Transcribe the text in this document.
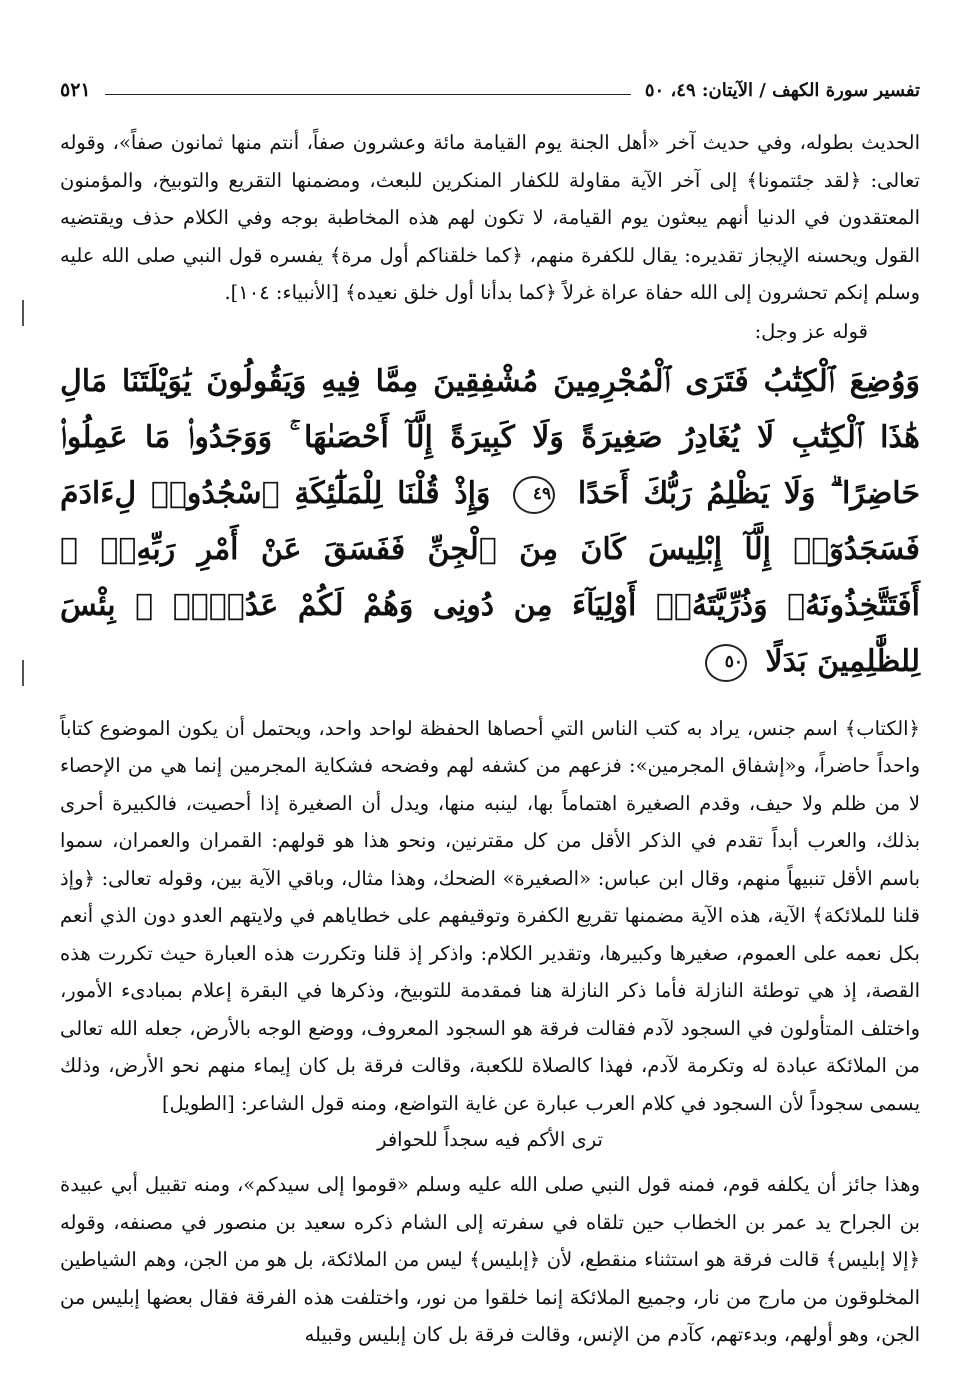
تفسير سورة الكهف / الآيتان: ٤٩، ٥٠
٥٢١

الحديث بطوله، وفي حديث آخر «أهل الجنة يوم القيامة مائة وعشرون صفاً، أنتم منها ثمانون صفاً»، وقوله تعالى: ﴿لقد جئتمونا﴾ إلى آخر الآية مقاولة للكفار المنكرين للبعث، ومضمنها التقريع والتوبيخ، والمؤمنون المعتقدون في الدنيا أنهم يبعثون يوم القيامة، لا تكون لهم هذه المخاطبة بوجه وفي الكلام حذف ويقتضيه القول ويحسنه الإيجاز تقديره: يقال للكفرة منهم، ﴿كما خلقناكم أول مرة﴾ يفسره قول النبي صلى الله عليه وسلم إنكم تحشرون إلى الله حفاة عراة غرلاً ﴿كما بدأنا أول خلق نعيده﴾ [الأنبياء: ١٠٤].

قوله عز وجل:

وَوُضِعَ ٱلْكِتَٰبُ فَتَرَى ٱلْمُجْرِمِينَ مُشْفِقِينَ مِمَّا فِيهِ وَيَقُولُونَ يَٰوَيْلَتَنَا مَالِ هَٰذَا ٱلْكِتَٰبِ لَا يُغَادِرُ صَغِيرَةً وَلَا كَبِيرَةً إِلَّآ أَحْصَىٰهَا ۚ وَوَجَدُوا۟ مَا عَمِلُوا۟ حَاضِرًا ۗ وَلَا يَظْلِمُ رَبُّكَ أَحَدًا ٤٩ وَإِذْ قُلْنَا لِلْمَلَٰٓئِكَةِ ٱسْجُدُوا۟ لِءَادَمَ فَسَجَدُوٓا۟ إِلَّآ إِبْلِيسَ كَانَ مِنَ ٱلْجِنِّ فَفَسَقَ عَنْ أَمْرِ رَبِّهِۦٓ ۗ أَفَتَتَّخِذُونَهُۥ وَذُرِّيَّتَهُۥٓ أَوْلِيَآءَ مِن دُونِى وَهُمْ لَكُمْ عَدُوٌّۢ ۚ بِئْسَ لِلظَّٰلِمِينَ بَدَلًا ٥٠

﴿الكتاب﴾ اسم جنس، يراد به كتب الناس التي أحصاها الحفظة لواحد واحد، ويحتمل أن يكون الموضوع كتاباً واحداً حاضراً، و«إشفاق المجرمين»: فزعهم من كشفه لهم وفضحه فشكاية المجرمين إنما هي من الإحصاء لا من ظلم ولا حيف، وقدم الصغيرة اهتماماً بها، لينبه منها، ويدل أن الصغيرة إذا أحصيت، فالكبيرة أحرى بذلك، والعرب أبداً تقدم في الذكر الأقل من كل مقترنين، ونحو هذا هو قولهم: القمران والعمران، سموا باسم الأقل تنبيهاً منهم، وقال ابن عباس: «الصغيرة» الضحك، وهذا مثال، وباقي الآية بين، وقوله تعالى: ﴿وإذ قلنا للملائكة﴾ الآية، هذه الآية مضمنها تقريع الكفرة وتوقيفهم على خطاياهم في ولايتهم العدو دون الذي أنعم بكل نعمه على العموم، صغيرها وكبيرها، وتقدير الكلام: واذكر إذ قلنا وتكررت هذه العبارة حيث تكررت هذه القصة، إذ هي توطئة النازلة فأما ذكر النازلة هنا فمقدمة للتوبيخ، وذكرها في البقرة إعلام بمبادىء الأمور، واختلف المتأولون في السجود لآدم فقالت فرقة هو السجود المعروف، ووضع الوجه بالأرض، جعله الله تعالى من الملائكة عبادة له وتكرمة لآدم، فهذا كالصلاة للكعبة، وقالت فرقة بل كان إيماء منهم نحو الأرض، وذلك يسمى سجوداً لأن السجود في كلام العرب عبارة عن غاية التواضع، ومنه قول الشاعر: [الطويل]

ترى الأكم فيه سجداً للحوافر

وهذا جائز أن يكلفه قوم، فمنه قول النبي صلى الله عليه وسلم «قوموا إلى سيدكم»، ومنه تقبيل أبي عبيدة بن الجراح يد عمر بن الخطاب حين تلقاه في سفرته إلى الشام ذكره سعيد بن منصور في مصنفه، وقوله ﴿إلا إبليس﴾ قالت فرقة هو استثناء منقطع، لأن ﴿إبليس﴾ ليس من الملائكة، بل هو من الجن، وهم الشياطين المخلوقون من مارج من نار، وجميع الملائكة إنما خلقوا من نور، واختلفت هذه الفرقة فقال بعضها إبليس من الجن، وهو أولهم، وبدءتهم، كآدم من الإنس، وقالت فرقة بل كان إبليس وقبيله
